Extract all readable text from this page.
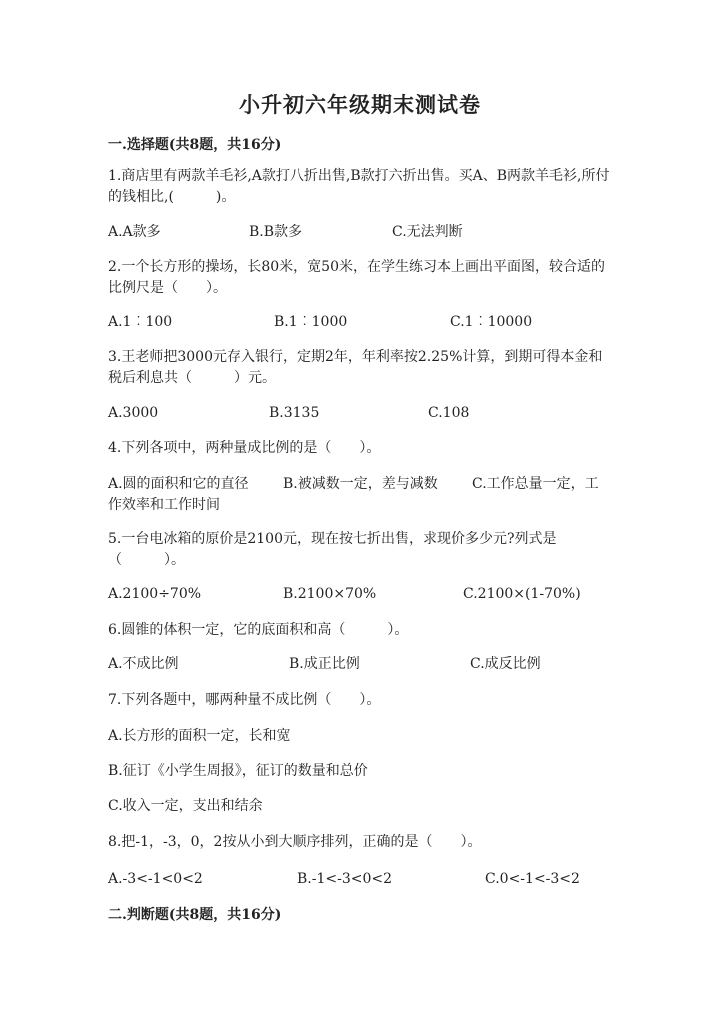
小升初六年级期末测试卷
一.选择题(共8题，共16分)
1.商店里有两款羊毛衫,A款打八折出售,B款打六折出售。买A、B两款羊毛衫,所付的钱相比,(　　　)。
A.A款多	B.B款多	C.无法判断
2.一个长方形的操场，长80米，宽50米，在学生练习本上画出平面图，较合适的比例尺是（　　）。
A.1︰100	B.1︰1000	C.1︰10000
3.王老师把3000元存入银行，定期2年，年利率按2.25%计算，到期可得本金和税后利息共（　　　）元。
A.3000	B.3135	C.108
4.下列各项中，两种量成比例的是（　　）。
A.圆的面积和它的直径 B.被减数一定，差与减数 C.工作总量一定，工
作效率和工作时间
5.一台电冰箱的原价是2100元，现在按七折出售，求现价多少元?列式是（　　　）。
A.2100÷70%	B.2100×70%	C.2100×(1-70%)
6.圆锥的体积一定，它的底面积和高（　　　）。
A.不成比例	B.成正比例	C.成反比例
7.下列各题中，哪两种量不成比例（　　）。
A.长方形的面积一定，长和宽
B.征订《小学生周报》，征订的数量和总价
C.收入一定，支出和结余
8.把-1，-3，0，2按从小到大顺序排列，正确的是（　　）。
A.-3<-1<0<2	B.-1<-3<0<2	C.0<-1<-3<2
二.判断题(共8题，共16分)
